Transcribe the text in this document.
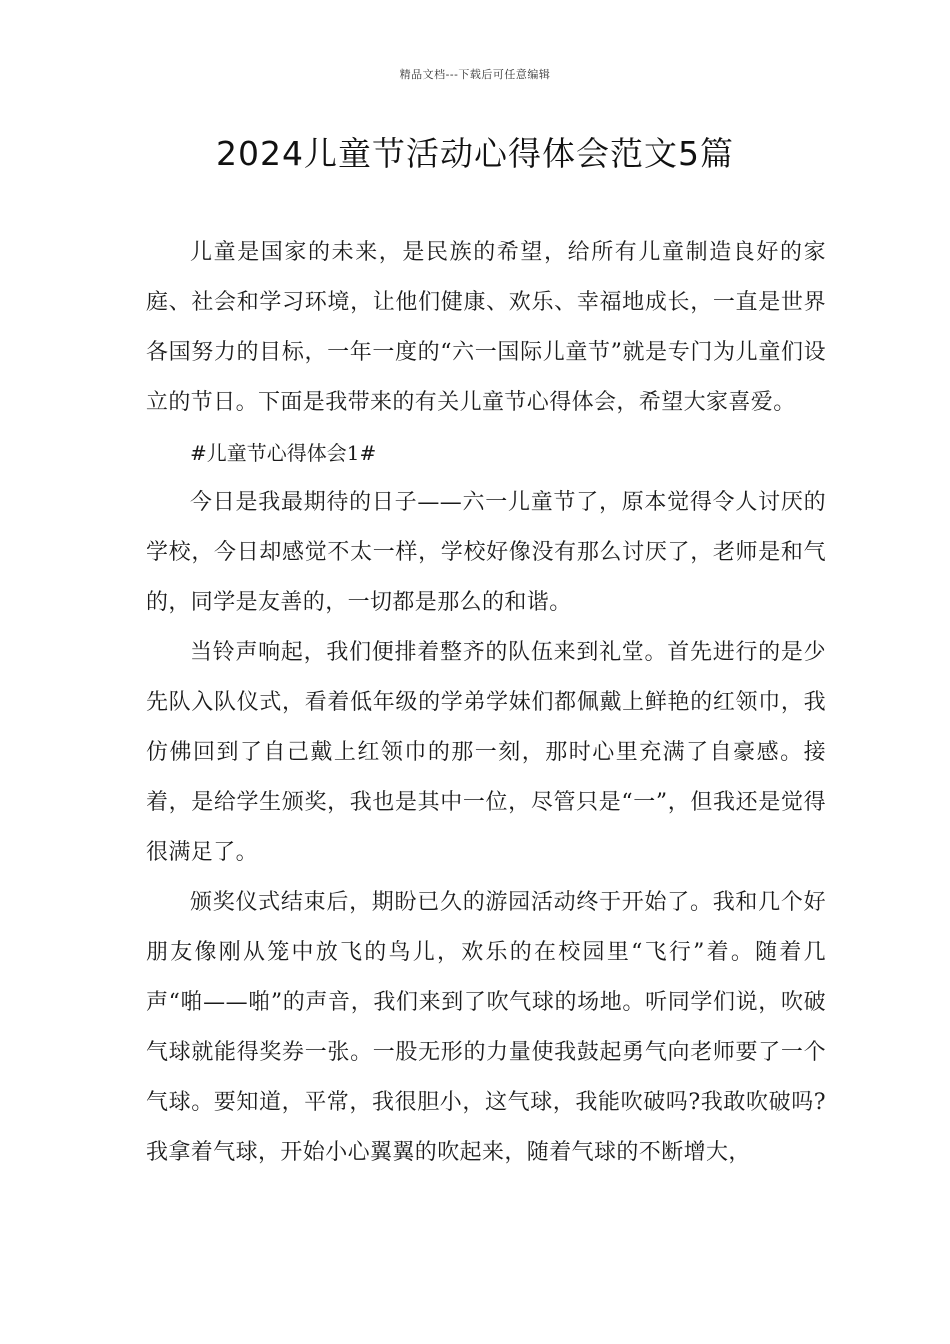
精品文档---下载后可任意编辑
2024儿童节活动心得体会范文5篇

儿童是国家的未来，是民族的希望，给所有儿童制造良好的家庭、社会和学习环境，让他们健康、欢乐、幸福地成长，一直是世界各国努力的目标，一年一度的“六一国际儿童节”就是专门为儿童们设立的节日。下面是我带来的有关儿童节心得体会，希望大家喜爱。

#儿童节心得体会1#

今日是我最期待的日子——六一儿童节了，原本觉得令人讨厌的学校，今日却感觉不太一样，学校好像没有那么讨厌了，老师是和气的，同学是友善的，一切都是那么的和谐。

当铃声响起，我们便排着整齐的队伍来到礼堂。首先进行的是少先队入队仪式，看着低年级的学弟学妹们都佩戴上鲜艳的红领巾，我仿佛回到了自己戴上红领巾的那一刻，那时心里充满了自豪感。接着，是给学生颁奖，我也是其中一位，尽管只是“一”，但我还是觉得很满足了。

颁奖仪式结束后，期盼已久的游园活动终于开始了。我和几个好朋友像刚从笼中放飞的鸟儿，欢乐的在校园里“飞行”着。随着几声“啪——啪”的声音，我们来到了吹气球的场地。听同学们说，吹破气球就能得奖券一张。一股无形的力量使我鼓起勇气向老师要了一个气球。要知道，平常，我很胆小，这气球，我能吹破吗?我敢吹破吗?我拿着气球，开始小心翼翼的吹起来，随着气球的不断增大，
